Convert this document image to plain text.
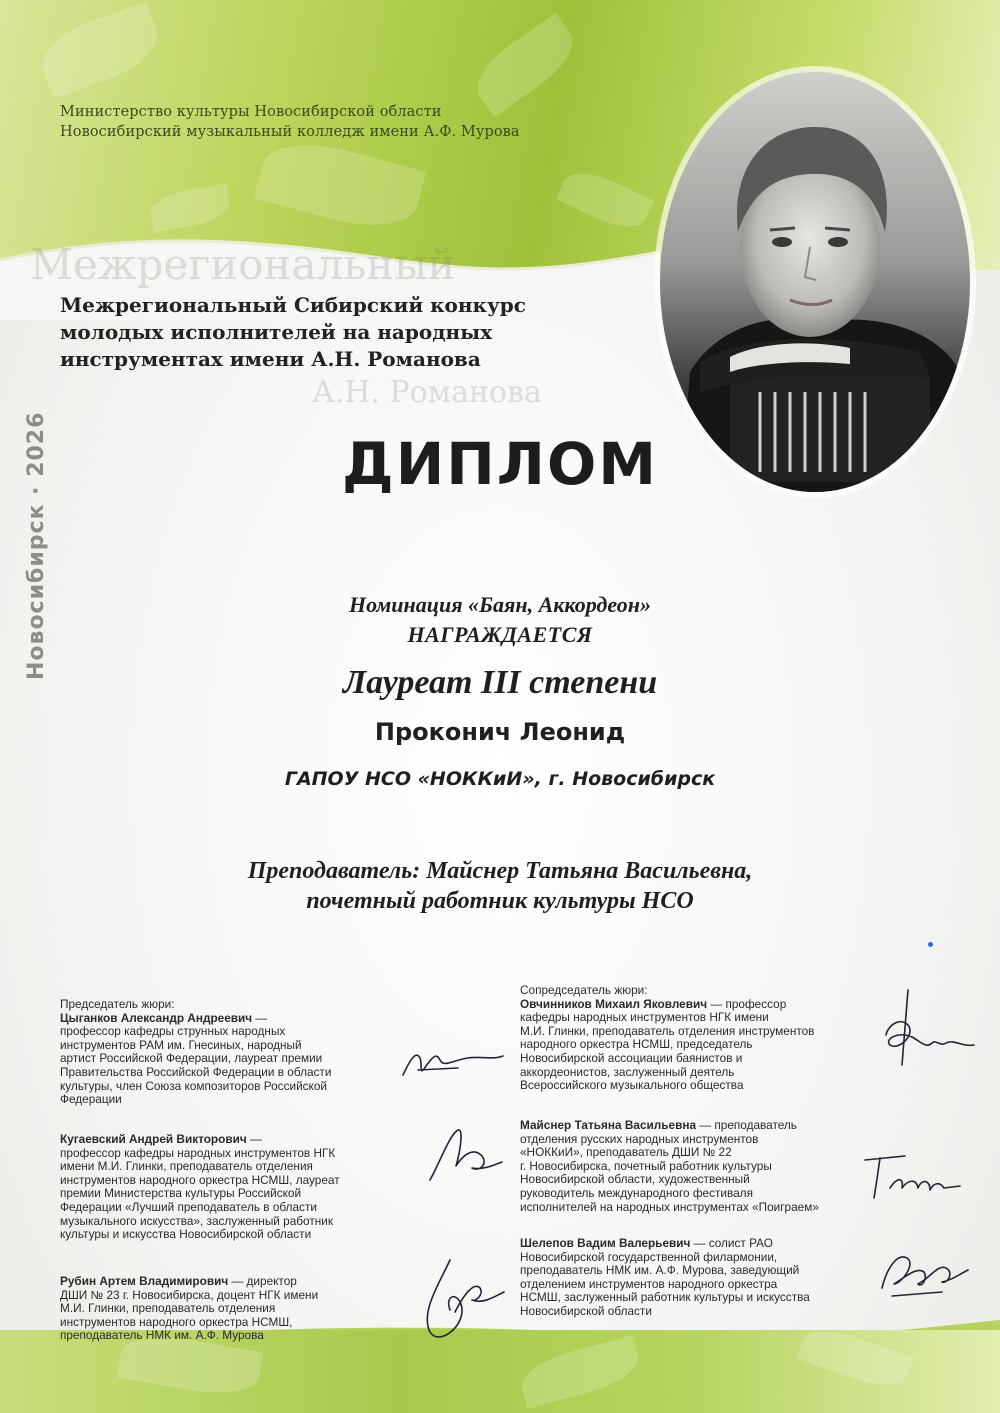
Министерство культуры Новосибирской области
Новосибирский музыкальный колледж имени А.Ф. Мурова
Межрегиональный
А.Н. Романова
Межрегиональный Сибирский конкурс
молодых исполнителей на народных
инструментах имени А.Н. Романова
Новосибирск · 2026	ДИПЛОМ
Номинация «Баян, Аккордеон»
НАГРАЖДАЕТСЯ
Лауреат III степени
Прoконич Леонид
ГАПОУ НСО «НОККиИ», г. Новосибирск
Преподаватель: Майснер Татьяна Васильевна,
почетный работник культуры НСО
Председатель жюри:
Цыганков Александр Андреевич —
профессор кафедры струнных народных
инструментов РАМ им. Гнесиных, народный
артист Российской Федерации, лауреат премии
Правительства Российской Федерации в области
культуры, член Союза композиторов Российской
Федерации
Кугаевский Андрей Викторович —
профессор кафедры народных инструментов НГК
имени М.И. Глинки, преподаватель отделения
инструментов народного оркестра НСМШ, лауреат
премии Министерства культуры Российской
Федерации «Лучший преподаватель в области
музыкального искусства», заслуженный работник
культуры и искусства Новосибирской области
Рубин Артем Владимирович — директор
ДШИ № 23 г. Новосибирска, доцент НГК имени
М.И. Глинки, преподаватель отделения
инструментов народного оркестра НСМШ,
преподаватель НМК им. А.Ф. Мурова
Сопредседатель жюри:
Овчинников Михаил Яковлевич — профессор
кафедры народных инструментов НГК имени
М.И. Глинки, преподаватель отделения инструментов
народного оркестра НСМШ, председатель
Новосибирской ассоциации баянистов и
аккордеонистов, заслуженный деятель
Всероссийского музыкального общества
Майснер Татьяна Васильевна — преподаватель
отделения русских народных инструментов
«НОККиИ», преподаватель ДШИ № 22
г. Новосибирска, почетный работник культуры
Новосибирской области, художественный
руководитель международного фестиваля
исполнителей на народных инструментах «Поиграем»
Шелепов Вадим Валерьевич — солист РАО
Новосибирской государственной филармонии,
преподаватель НМК им. А.Ф. Мурова, заведующий
отделением инструментов народного оркестра
НСМШ, заслуженный работник культуры и искусства
Новосибирской области
